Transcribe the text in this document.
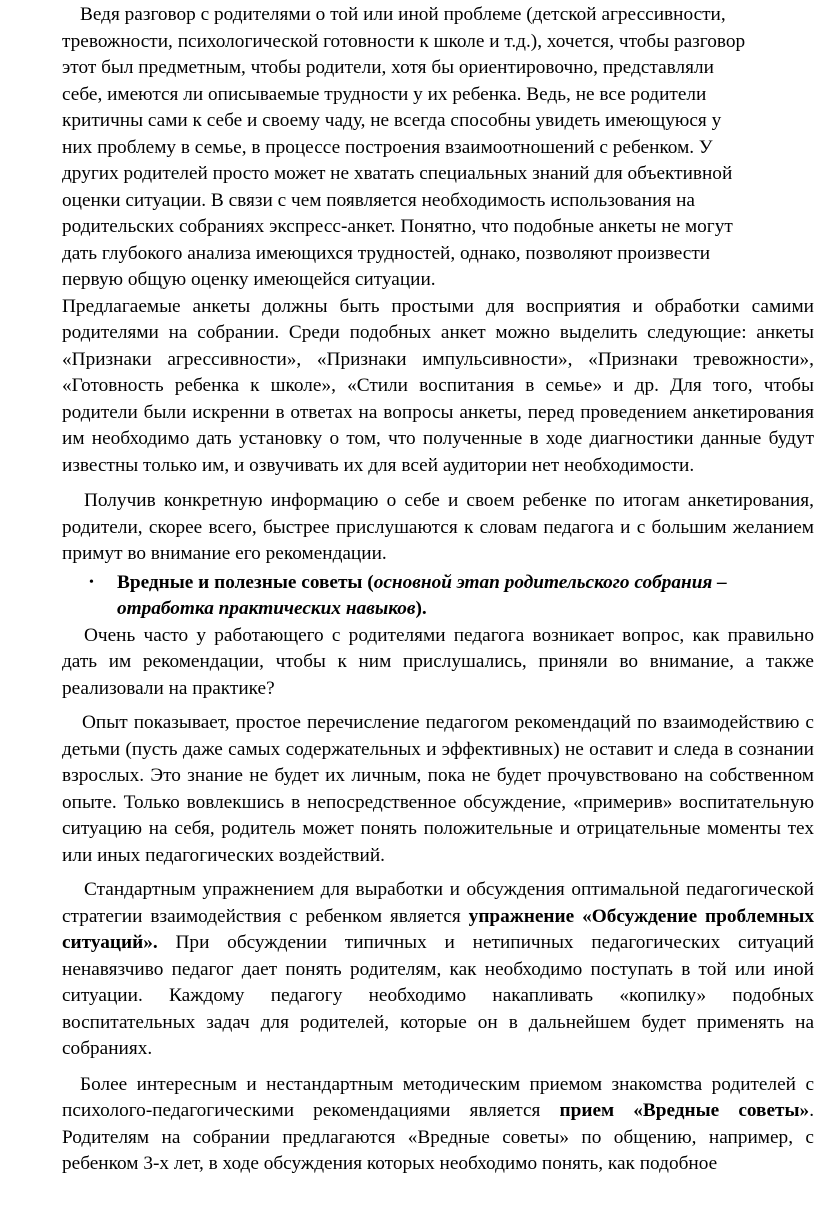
Ведя разговор с родителями о той или иной проблеме (детской агрессивности, тревожности, психологической готовности к школе и т.д.), хочется, чтобы разговор этот был предметным, чтобы родители, хотя бы ориентировочно, представляли себе, имеются ли описываемые трудности у их ребенка. Ведь, не все родители критичны сами к себе и своему чаду, не всегда способны увидеть имеющуюся у них проблему в семье, в процессе построения взаимоотношений с ребенком. У других родителей просто может не хватать специальных знаний для объективной оценки ситуации. В связи с чем появляется необходимость использования на родительских собраниях экспресс-анкет. Понятно, что подобные анкеты не могут дать глубокого анализа имеющихся трудностей, однако, позволяют произвести первую общую оценку имеющейся ситуации.

Предлагаемые анкеты должны быть простыми для восприятия и обработки самими родителями на собрании. Среди подобных анкет можно выделить следующие: анкеты «Признаки агрессивности», «Признаки импульсивности», «Признаки тревожности», «Готовность ребенка к школе», «Стили воспитания в семье» и др. Для того, чтобы родители были искренни в ответах на вопросы анкеты, перед проведением анкетирования им необходимо дать установку о том, что полученные в ходе диагностики данные будут известны только им, и озвучивать их для всей аудитории нет необходимости.

Получив конкретную информацию о себе и своем ребенке по итогам анкетирования, родители, скорее всего, быстрее прислушаются к словам педагога и с большим желанием примут во внимание его рекомендации.

• Вредные и полезные советы (основной этап родительского собрания – отработка практических навыков).

Очень часто у работающего с родителями педагога возникает вопрос, как правильно дать им рекомендации, чтобы к ним прислушались, приняли во внимание, а также реализовали на практике?

Опыт показывает, простое перечисление педагогом рекомендаций по взаимодействию с детьми (пусть даже самых содержательных и эффективных) не оставит и следа в сознании взрослых. Это знание не будет их личным, пока не будет прочувствовано на собственном опыте. Только вовлекшись в непосредственное обсуждение, «примерив» воспитательную ситуацию на себя, родитель может понять положительные и отрицательные моменты тех или иных педагогических воздействий.

Стандартным упражнением для выработки и обсуждения оптимальной педагогической стратегии взаимодействия с ребенком является упражнение «Обсуждение проблемных ситуаций». При обсуждении типичных и нетипичных педагогических ситуаций ненавязчиво педагог дает понять родителям, как необходимо поступать в той или иной ситуации. Каждому педагогу необходимо накапливать «копилку» подобных воспитательных задач для родителей, которые он в дальнейшем будет применять на собраниях.

Более интересным и нестандартным методическим приемом знакомства родителей с психолого-педагогическими рекомендациями является прием «Вредные советы». Родителям на собрании предлагаются «Вредные советы» по общению, например, с ребенком 3-х лет, в ходе обсуждения которых необходимо понять, как подобное
